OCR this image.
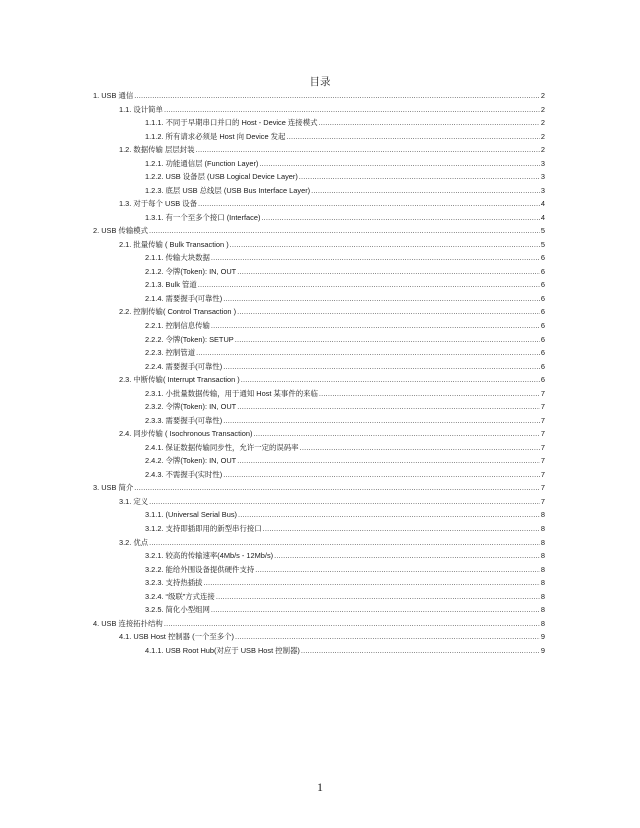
目录
1. USB 通信 .....	2
1.1. 设计简单 .....	2
1.1.1. 不同于早期串口并口的 Host - Device 连接模式 .....	2
1.1.2. 所有请求必须是 Host 向 Device 发起 .....	2
1.2. 数据传输 层层封装 .....	2
1.2.1. 功能通信层 (Function Layer) .....	3
1.2.2. USB 设备层 (USB Logical Device Layer) .....	3
1.2.3. 底层 USB 总线层 (USB Bus Interface Layer) .....	3
1.3. 对于每个 USB 设备 .....	4
1.3.1. 有一个至多个接口 (Interface) .....	4
2. USB 传输模式 .....	5
2.1. 批量传输 ( Bulk Transaction ) .....	5
2.1.1. 传输大块数据 .....	6
2.1.2. 令牌(Token): IN, OUT .....	6
2.1.3. Bulk 管道 .....	6
2.1.4. 需要握手(可靠性) .....	6
2.2. 控制传输( Control Transaction ) .....	6
2.2.1. 控制信息传输 .....	6
2.2.2. 令牌(Token): SETUP .....	6
2.2.3. 控制管道 .....	6
2.2.4. 需要握手(可靠性) .....	6
2.3. 中断传输( Interrupt Transaction ) .....	6
2.3.1. 小批量数据传输，用于通知 Host 某事件的来临 .....	7
2.3.2. 令牌(Token): IN, OUT .....	7
2.3.3. 需要握手(可靠性) .....	7
2.4. 同步传输 ( Isochronous Transaction) .....	7
2.4.1. 保证数据传输同步性，允许一定的误码率 .....	7
2.4.2. 令牌(Token): IN, OUT .....	7
2.4.3. 不需握手(实时性) .....	7
3. USB 简介 .....	7
3.1. 定义 .....	7
3.1.1. (Universal Serial Bus) .....	8
3.1.2. 支持即插即用的新型串行接口 .....	8
3.2. 优点 .....	8
3.2.1. 较高的传输速率(4Mb/s - 12Mb/s) .....	8
3.2.2. 能给外围设备提供硬件支持 .....	8
3.2.3. 支持热插拔 .....	8
3.2.4. “级联”方式连接 .....	8
3.2.5. 简化小型组网 .....	8
4. USB 连接拓扑结构 .....	8
4.1. USB Host 控制器 (一个至多个) .....	9
4.1.1. USB Root Hub(对应于 USB Host 控制器) .....	9
1
